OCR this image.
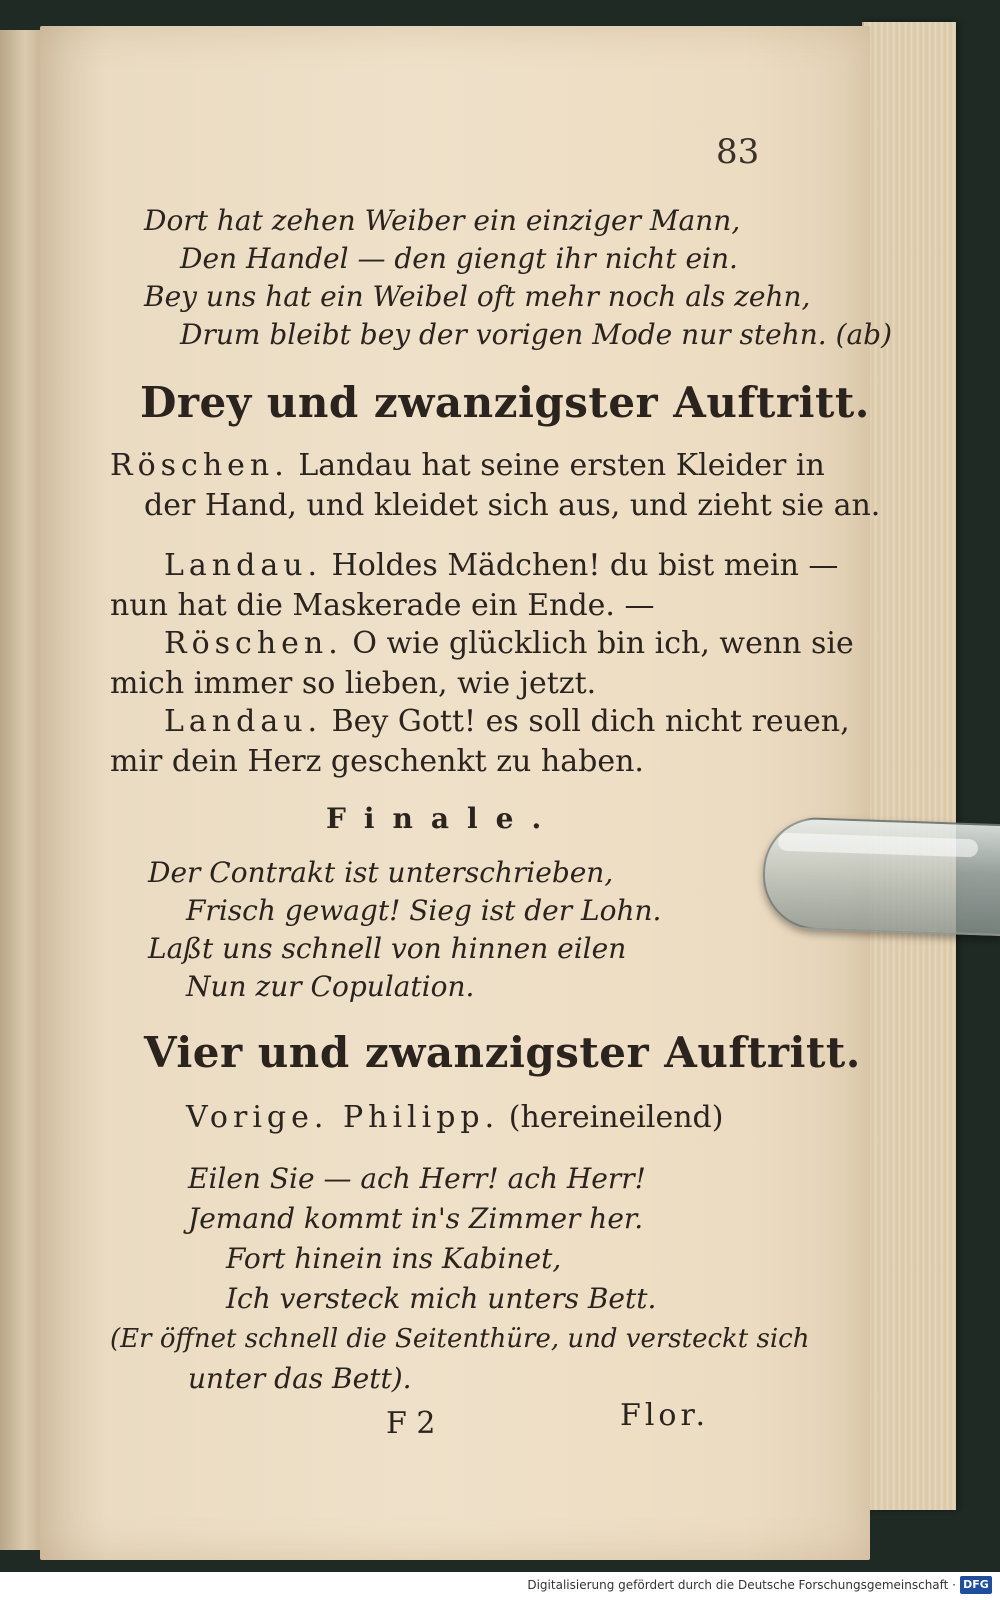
83
Dort hat zehen Weiber ein einziger Mann,
Den Handel — den giengt ihr nicht ein.
Bey uns hat ein Weibel oft mehr noch als zehn,
Drum bleibt bey der vorigen Mode nur stehn. (ab)
Drey und zwanzigster Auftritt.
Röschen. Landau hat seine ersten Kleider in
der Hand, und kleidet sich aus, und zieht sie an.
Landau. Holdes Mädchen! du bist mein —
nun hat die Maskerade ein Ende. —
Röschen. O wie glücklich bin ich, wenn sie
mich immer so lieben, wie jetzt.
Landau. Bey Gott! es soll dich nicht reuen,
mir dein Herz geschenkt zu haben.
Finale.
Der Contrakt ist unterschrieben,
Frisch gewagt! Sieg ist der Lohn.
Laßt uns schnell von hinnen eilen
Nun zur Copulation.
Vier und zwanzigster Auftritt.
Vorige. Philipp. (hereineilend)
Eilen Sie — ach Herr! ach Herr!
Jemand kommt in's Zimmer her.
Fort hinein ins Kabinet,
Ich versteck mich unters Bett.
(Er öffnet schnell die Seitenthüre, und versteckt sich
unter das Bett).
F 2	Flor.
Digitalisierung gefördert durch die Deutsche Forschungsgemeinschaft · DFG
